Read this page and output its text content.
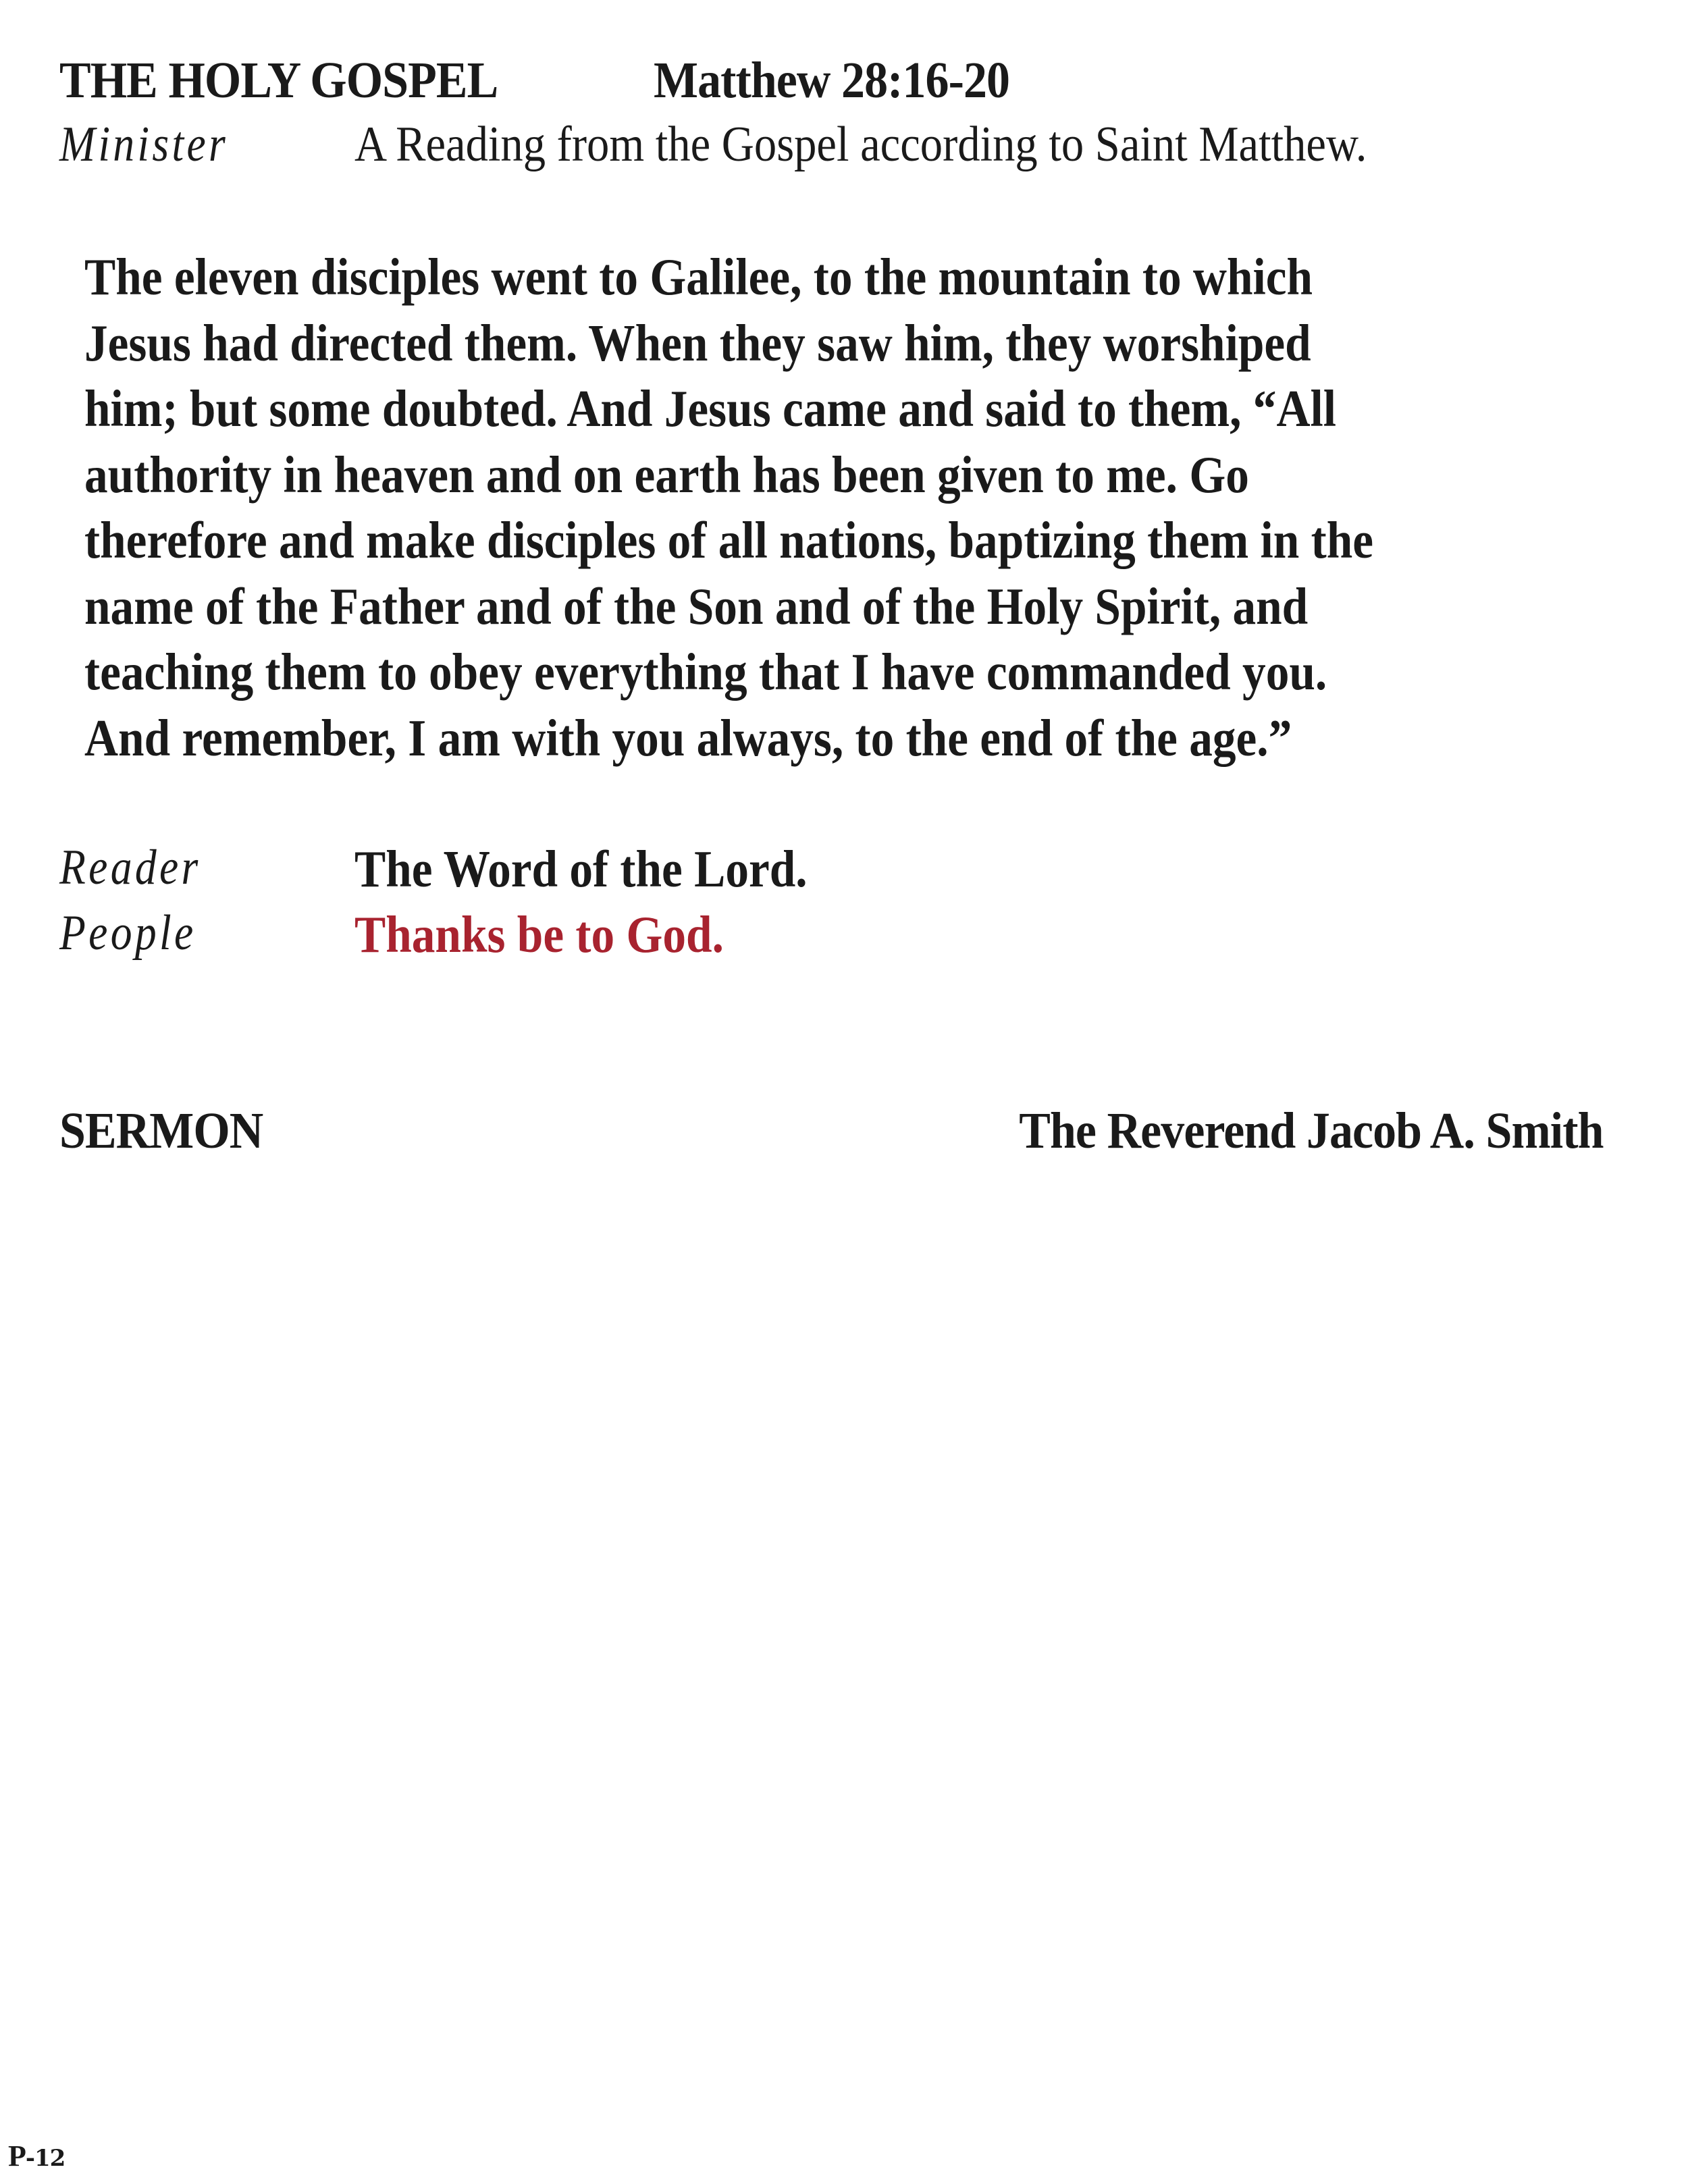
THE HOLY GOSPEL	Matthew 28:16-20
Minister	A Reading from the Gospel according to Saint Matthew.
The eleven disciples went to Galilee, to the mountain to which
Jesus had directed them. When they saw him, they worshiped
him; but some doubted. And Jesus came and said to them, “All
authority in heaven and on earth has been given to me. Go
therefore and make disciples of all nations, baptizing them in the
name of the Father and of the Son and of the Holy Spirit, and
teaching them to obey everything that I have commanded you.
And remember, I am with you always, to the end of the age.”
Reader	The Word of the Lord.
People	Thanks be to God.
SERMON	The Reverend Jacob A. Smith
P-12
